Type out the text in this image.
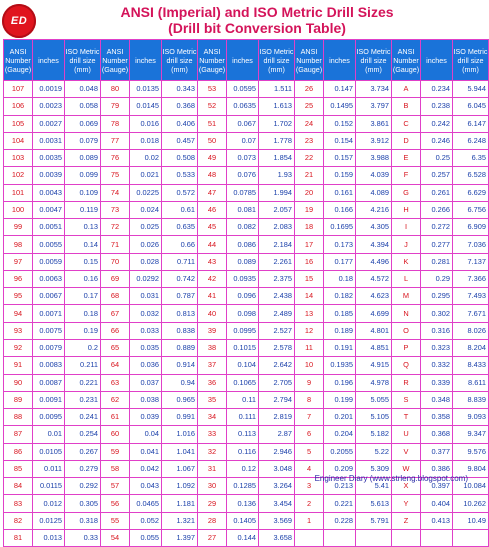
ED
ANSI (Imperial) and ISO Metric Drill Sizes
(Drill bit Conversion Table)
ANSI Number (Gauge)	inches	ISO Metric drill size (mm)	ANSI Number (Gauge)	inches	ISO Metric drill size (mm)	ANSI Number (Gauge)	inches	ISO Metric drill size (mm)	ANSI Number (Gauge)	inches	ISO Metric drill size (mm)	ANSI Number (Gauge)	inches	ISO Metric drill size (mm)
107	0.0019	0.048	80	0.0135	0.343	53	0.0595	1.511	26	0.147	3.734	A	0.234	5.944
106	0.0023	0.058	79	0.0145	0.368	52	0.0635	1.613	25	0.1495	3.797	B	0.238	6.045
105	0.0027	0.069	78	0.016	0.406	51	0.067	1.702	24	0.152	3.861	C	0.242	6.147
104	0.0031	0.079	77	0.018	0.457	50	0.07	1.778	23	0.154	3.912	D	0.246	6.248
103	0.0035	0.089	76	0.02	0.508	49	0.073	1.854	22	0.157	3.988	E	0.25	6.35
102	0.0039	0.099	75	0.021	0.533	48	0.076	1.93	21	0.159	4.039	F	0.257	6.528
101	0.0043	0.109	74	0.0225	0.572	47	0.0785	1.994	20	0.161	4.089	G	0.261	6.629
100	0.0047	0.119	73	0.024	0.61	46	0.081	2.057	19	0.166	4.216	H	0.266	6.756
99	0.0051	0.13	72	0.025	0.635	45	0.082	2.083	18	0.1695	4.305	I	0.272	6.909
98	0.0055	0.14	71	0.026	0.66	44	0.086	2.184	17	0.173	4.394	J	0.277	7.036
97	0.0059	0.15	70	0.028	0.711	43	0.089	2.261	16	0.177	4.496	K	0.281	7.137
96	0.0063	0.16	69	0.0292	0.742	42	0.0935	2.375	15	0.18	4.572	L	0.29	7.366
95	0.0067	0.17	68	0.031	0.787	41	0.096	2.438	14	0.182	4.623	M	0.295	7.493
94	0.0071	0.18	67	0.032	0.813	40	0.098	2.489	13	0.185	4.699	N	0.302	7.671
93	0.0075	0.19	66	0.033	0.838	39	0.0995	2.527	12	0.189	4.801	O	0.316	8.026
92	0.0079	0.2	65	0.035	0.889	38	0.1015	2.578	11	0.191	4.851	P	0.323	8.204
91	0.0083	0.211	64	0.036	0.914	37	0.104	2.642	10	0.1935	4.915	Q	0.332	8.433
90	0.0087	0.221	63	0.037	0.94	36	0.1065	2.705	9	0.196	4.978	R	0.339	8.611
89	0.0091	0.231	62	0.038	0.965	35	0.11	2.794	8	0.199	5.055	S	0.348	8.839
88	0.0095	0.241	61	0.039	0.991	34	0.111	2.819	7	0.201	5.105	T	0.358	9.093
87	0.01	0.254	60	0.04	1.016	33	0.113	2.87	6	0.204	5.182	U	0.368	9.347
86	0.0105	0.267	59	0.041	1.041	32	0.116	2.946	5	0.2055	5.22	V	0.377	9.576
85	0.011	0.279	58	0.042	1.067	31	0.12	3.048	4	0.209	5.309	W	0.386	9.804
84	0.0115	0.292	57	0.043	1.092	30	0.1285	3.264	3	0.213	5.41	X	0.397	10.084
83	0.012	0.305	56	0.0465	1.181	29	0.136	3.454	2	0.221	5.613	Y	0.404	10.262
82	0.0125	0.318	55	0.052	1.321	28	0.1405	3.569	1	0.228	5.791	Z	0.413	10.49
81	0.013	0.33	54	0.055	1.397	27	0.144	3.658						
Engineer Diary (www.strleng.blogspot.com)
